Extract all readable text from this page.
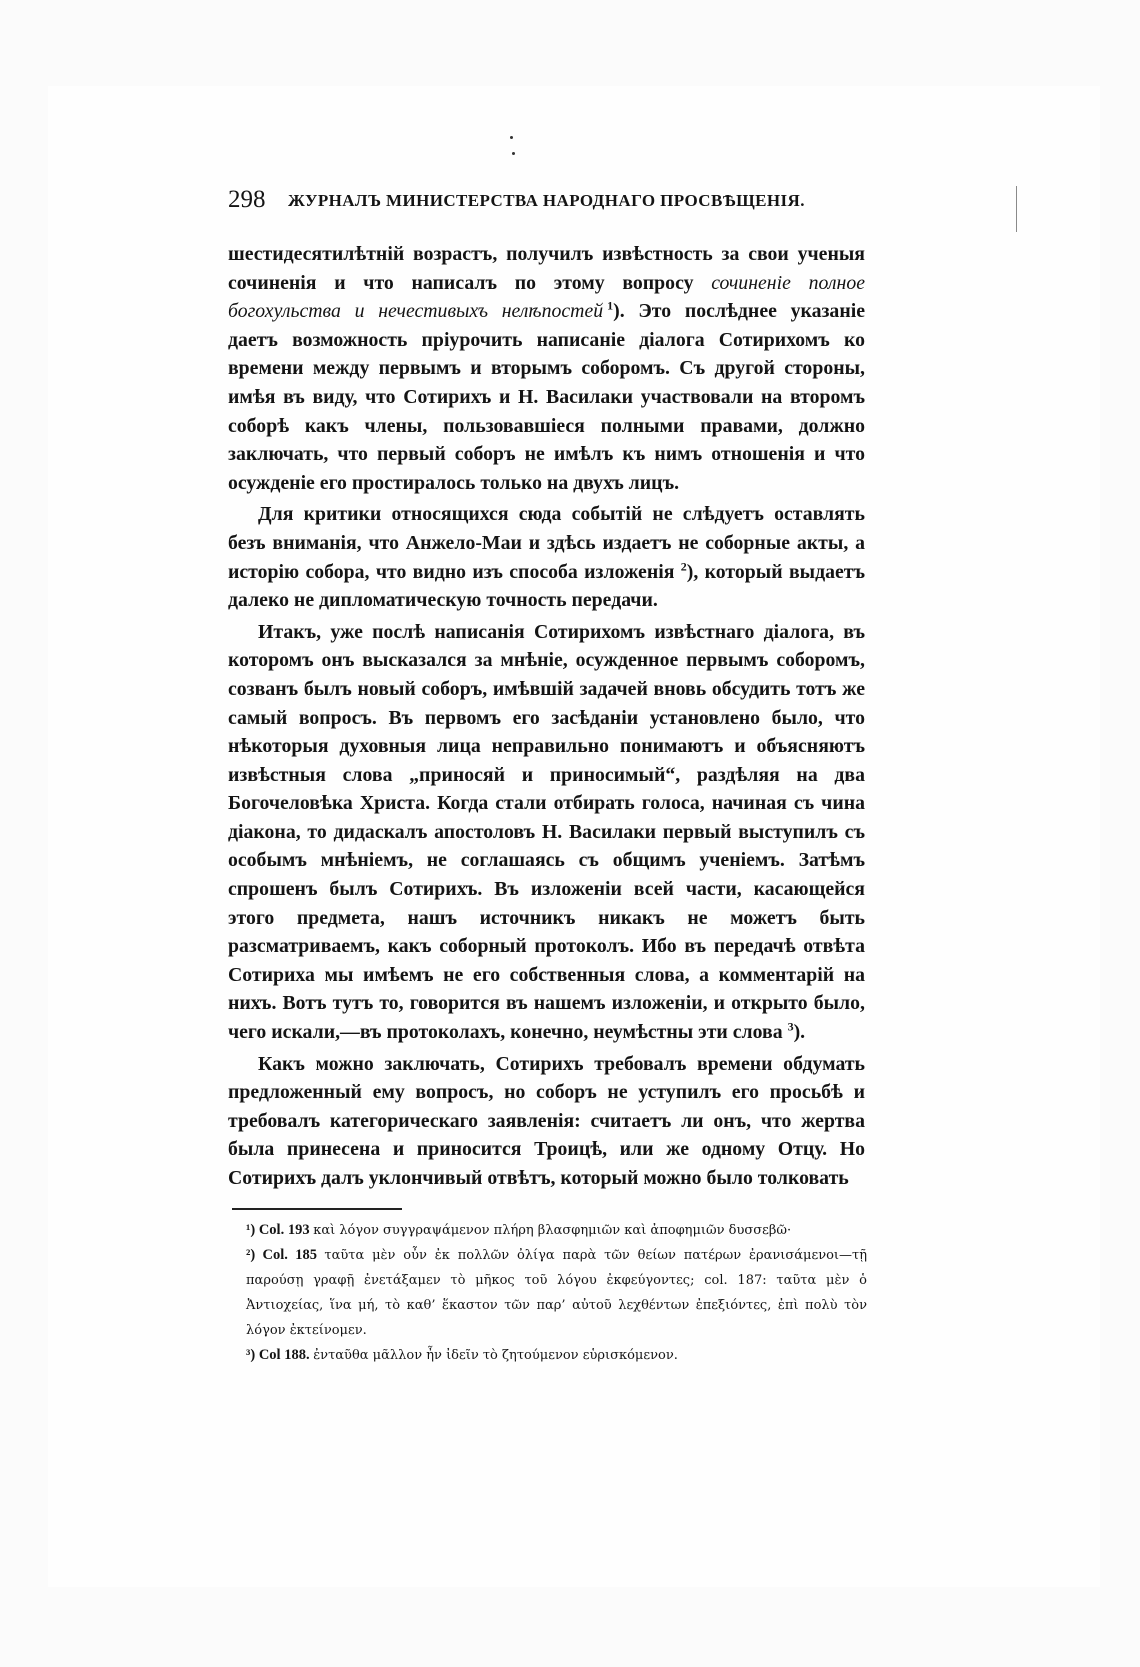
298 ЖУРНАЛЪ МИНИСТЕРСТВА НАРОДНАГО ПРОСВѢЩЕНІЯ.

шестидесятилѣтній возрастъ, получилъ извѣстность за свои ученыя сочиненія и что написалъ по этому вопросу сочиненіе полное богохульства и нечестивыхъ нелѣпостей  $^1$). Это послѣднее указаніе даетъ возможность пріурочить написаніе діалога Сотирихомъ ко времени между первымъ и вторымъ соборомъ. Съ другой стороны, имѣя въ виду, что Сотирихъ и Н. Василаки участвовали на второмъ соборѣ какъ члены, пользовавшіеся полными правами, должно заключать, что первый соборъ не имѣлъ къ нимъ отношенія и что осужденіе его простиралось только на двухъ лицъ.

Для критики относящихся сюда событій не слѣдуетъ оставлять безъ вниманія, что Анжело-Маи и здѣсь издаетъ не соборные акты, а исторію собора, что видно изъ способа изложенія $^2$), который выдаетъ далеко не дипломатическую точность передачи.

Итакъ, уже послѣ написанія Сотирихомъ извѣстнаго діалога, въ которомъ онъ высказался за мнѣніе, осужденное первымъ соборомъ, созванъ былъ новый соборъ, имѣвшій задачей вновь обсудить тотъ же самый вопросъ. Въ первомъ его засѣданіи установлено было, что нѣкоторыя духовныя лица неправильно понимаютъ и объясняютъ извѣстныя слова „приносяй и приносимый“, раздѣляя на два Богочеловѣка Христа. Когда стали отбирать голоса, начиная съ чина діакона, то дидаскалъ апостоловъ Н. Василаки первый выступилъ съ особымъ мнѣніемъ, не соглашаясь съ общимъ ученіемъ. Затѣмъ спрошенъ былъ Сотирихъ. Въ изложеніи всей части, касающейся этого предмета, нашъ источникъ никакъ не можетъ быть разсматриваемъ, какъ соборный протоколъ. Ибо въ передачѣ отвѣта Сотириха мы имѣемъ не его собственныя слова, а комментарій на нихъ. Вотъ тутъ то, говорится въ нашемъ изложеніи, и открыто было, чего искали,—въ протоколахъ, конечно, неумѣстны эти слова $^3$).

Какъ можно заключать, Сотирихъ требовалъ времени обдумать предложенный ему вопросъ, но соборъ не уступилъ его просьбѣ и требовалъ категорическаго заявленія: считаетъ ли онъ, что жертва была принесена и приносится Троицѣ, или же одному Отцу. Но Сотирихъ далъ уклончивый отвѣтъ, который можно было толковать

¹) Col. 193 καὶ λόγον συγγραψάμενον πλήρη βλασφημιῶν καὶ ἀποφημιῶν δυσσεβῶ·

²) Col. 185 ταῦτα μὲν οὖν ἐκ πολλῶν ὀλίγα παρὰ τῶν θείων πατέρων ἐρανισάμενοι—τῇ παρούσῃ γραφῇ ἐνετάξαμεν τὸ μῆκος τοῦ λόγου ἐκφεύγοντες; col. 187: ταῦτα μὲν ὁ Ἀντιοχείας, ἵνα μή, τὸ καθ’ ἕκαστον τῶν παρ’ αὐτοῦ λεχθέντων ἐπεξιόντες, ἐπὶ πολὺ τὸν λόγον ἐκτείνομεν.

³) Col 188. ἐνταῦθα μᾶλλον ἦν ἰδεῖν τὸ ζητούμενον εὑρισκόμενον.
